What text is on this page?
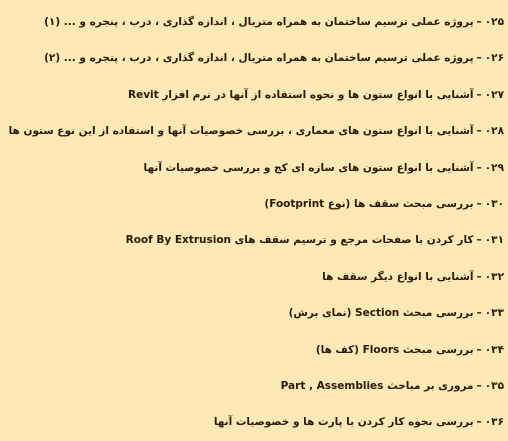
۰۲۵–پروژه عملی ترسیم ساختمان به همراه متریال ، اندازه گذاری ، درب ، پنجره و ... (۱)
۰۲۶–پروژه عملی ترسیم ساختمان به همراه متریال ، اندازه گذاری ، درب ، پنجره و ... (۲)
۰۲۷–آشنایی با انواع ستون ها و نحوه استفاده از آنها در نرم افزار Revit
۰۲۸–آشنایی با انواع ستون های معماری ، بررسی خصوصیات آنها و استفاده از این نوع ستون ها
۰۲۹–آشنایی با انواع ستون های سازه ای کج و بررسی خصوصیات آنها
۰۳۰–بررسی مبحث سقف ها (نوع Footprint)
۰۳۱–کار کردن با صفحات مرجع و ترسیم سقف های Roof By Extrusion
۰۳۲–آشنایی با انواع دیگر سقف ها
۰۳۳–بررسی مبحث Section (نمای برش)
۰۳۴–بررسی مبحث Floors (کف ها)
۰۳۵–مروری بر مباحث Part , Assemblies
۰۳۶–بررسی نحوه کار کردن با پارت ها و خصوصیات آنها
